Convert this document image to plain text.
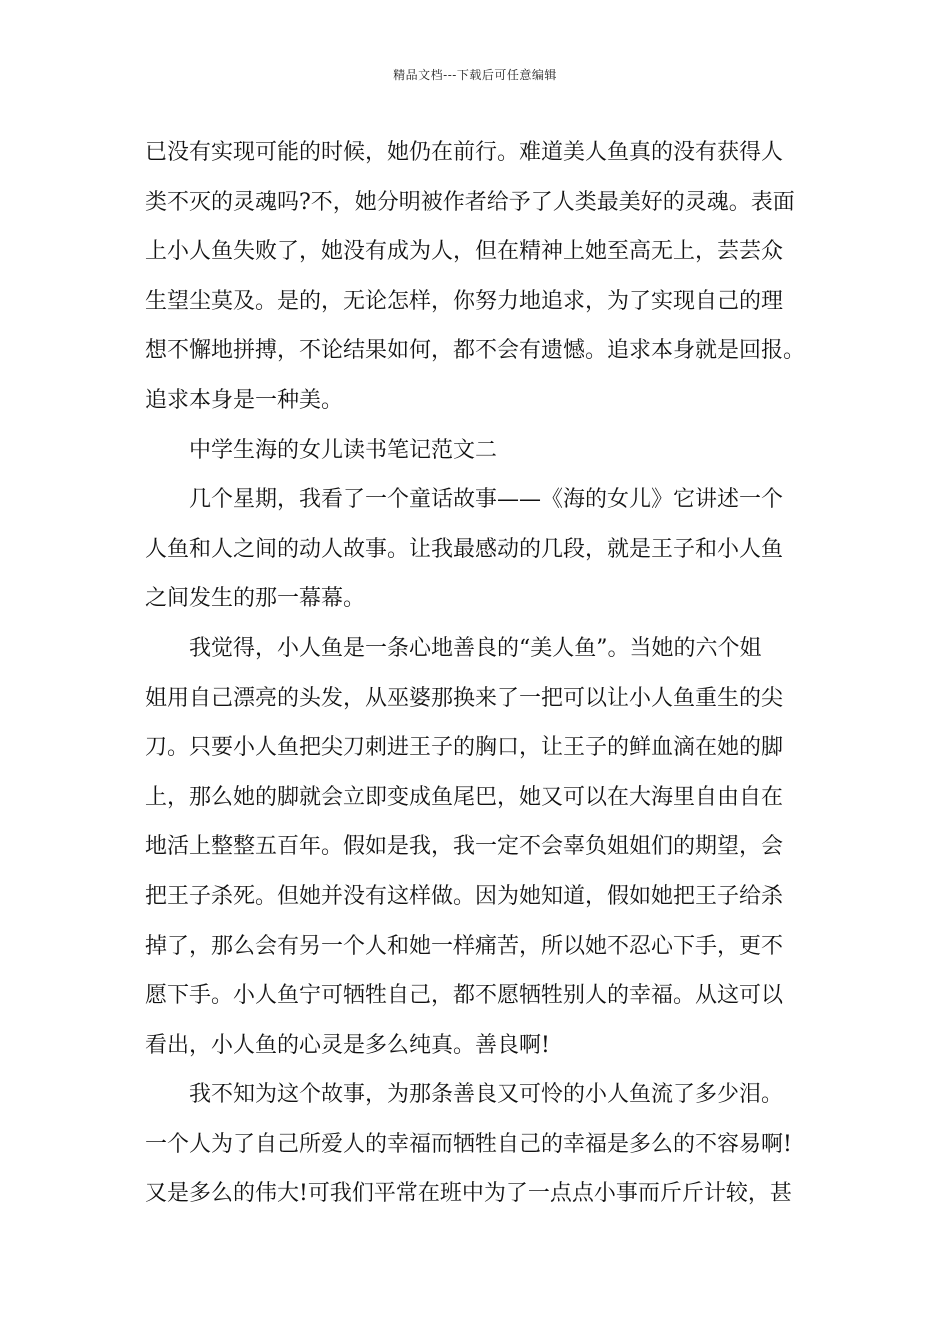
精品文档---下载后可任意编辑
已没有实现可能的时候，她仍在前行。难道美人鱼真的没有获得人
类不灭的灵魂吗?不，她分明被作者给予了人类最美好的灵魂。表面
上小人鱼失败了，她没有成为人，但在精神上她至高无上，芸芸众
生望尘莫及。是的，无论怎样，你努力地追求，为了实现自己的理
想不懈地拼搏，不论结果如何，都不会有遗憾。追求本身就是回报。
追求本身是一种美。
　　中学生海的女儿读书笔记范文二
　　几个星期，我看了一个童话故事——《海的女儿》它讲述一个
人鱼和人之间的动人故事。让我最感动的几段，就是王子和小人鱼
之间发生的那一幕幕。
　　我觉得，小人鱼是一条心地善良的“美人鱼”。当她的六个姐
姐用自己漂亮的头发，从巫婆那换来了一把可以让小人鱼重生的尖
刀。只要小人鱼把尖刀刺进王子的胸口，让王子的鲜血滴在她的脚
上，那么她的脚就会立即变成鱼尾巴，她又可以在大海里自由自在
地活上整整五百年。假如是我，我一定不会辜负姐姐们的期望，会
把王子杀死。但她并没有这样做。因为她知道，假如她把王子给杀
掉了，那么会有另一个人和她一样痛苦，所以她不忍心下手，更不
愿下手。小人鱼宁可牺牲自己，都不愿牺牲别人的幸福。从这可以
看出，小人鱼的心灵是多么纯真。善良啊!
　　我不知为这个故事，为那条善良又可怜的小人鱼流了多少泪。
一个人为了自己所爱人的幸福而牺牲自己的幸福是多么的不容易啊!
又是多么的伟大!可我们平常在班中为了一点点小事而斤斤计较，甚
